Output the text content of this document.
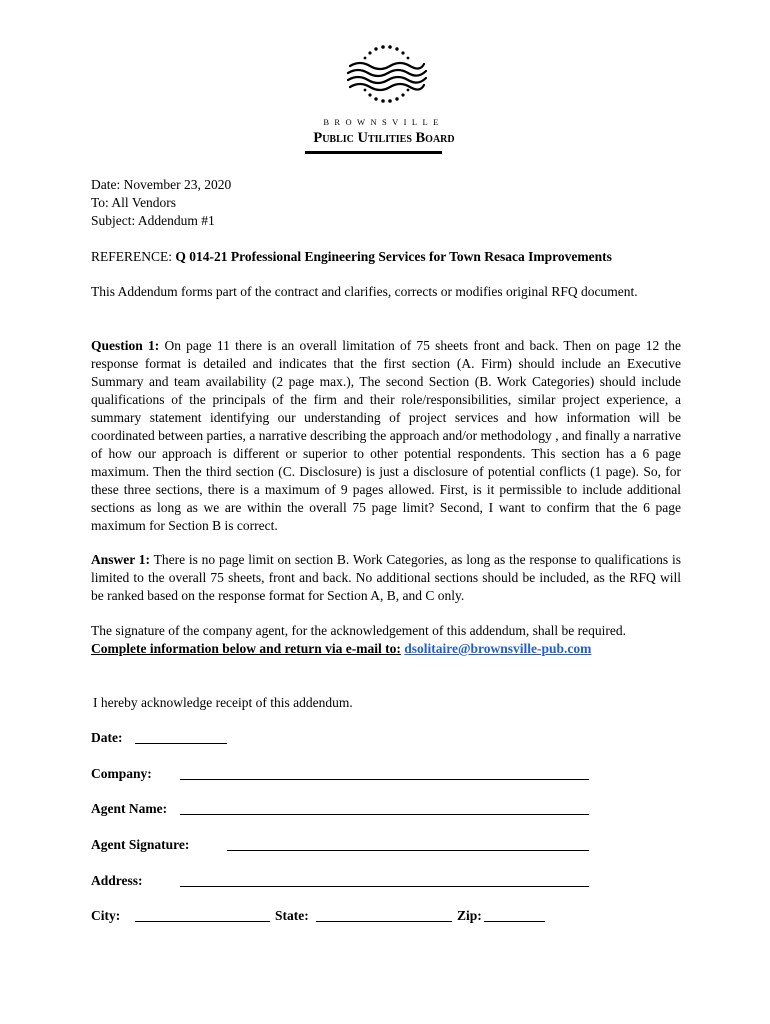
BROWNSVILLE

Public Utilities Board

Date: November 23, 2020
To: All Vendors
Subject: Addendum #1

REFERENCE: Q 014-21 Professional Engineering Services for Town Resaca Improvements

This Addendum forms part of the contract and clarifies, corrects or modifies original RFQ document.

Question 1: On page 11 there is an overall limitation of 75 sheets front and back. Then on page 12 the response format is detailed and indicates that the first section (A. Firm) should include an Executive Summary and team availability (2 page max.), The second Section (B. Work Categories) should include qualifications of the principals of the firm and their role/responsibilities, similar project experience, a summary statement identifying our understanding of project services and how information will be coordinated between parties, a narrative describing the approach and/or methodology , and finally a narrative of how our approach is different or superior to other potential respondents. This section has a 6 page maximum. Then the third section (C. Disclosure) is just a disclosure of potential conflicts (1 page). So, for these three sections, there is a maximum of 9 pages allowed. First, is it permissible to include additional sections as long as we are within the overall 75 page limit? Second, I want to confirm that the 6 page maximum for Section B is correct.

Answer 1: There is no page limit on section B. Work Categories, as long as the response to qualifications is limited to the overall 75 sheets, front and back. No additional sections should be included, as the RFQ will be ranked based on the response format for Section A, B, and C only.

The signature of the company agent, for the acknowledgement of this addendum, shall be required.
Complete information below and return via e-mail to: dsolitaire@brownsville-pub.com

I hereby acknowledge receipt of this addendum.

Date:

Company:

Agent Name:

Agent Signature:

Address:

City:	State:	Zip:
